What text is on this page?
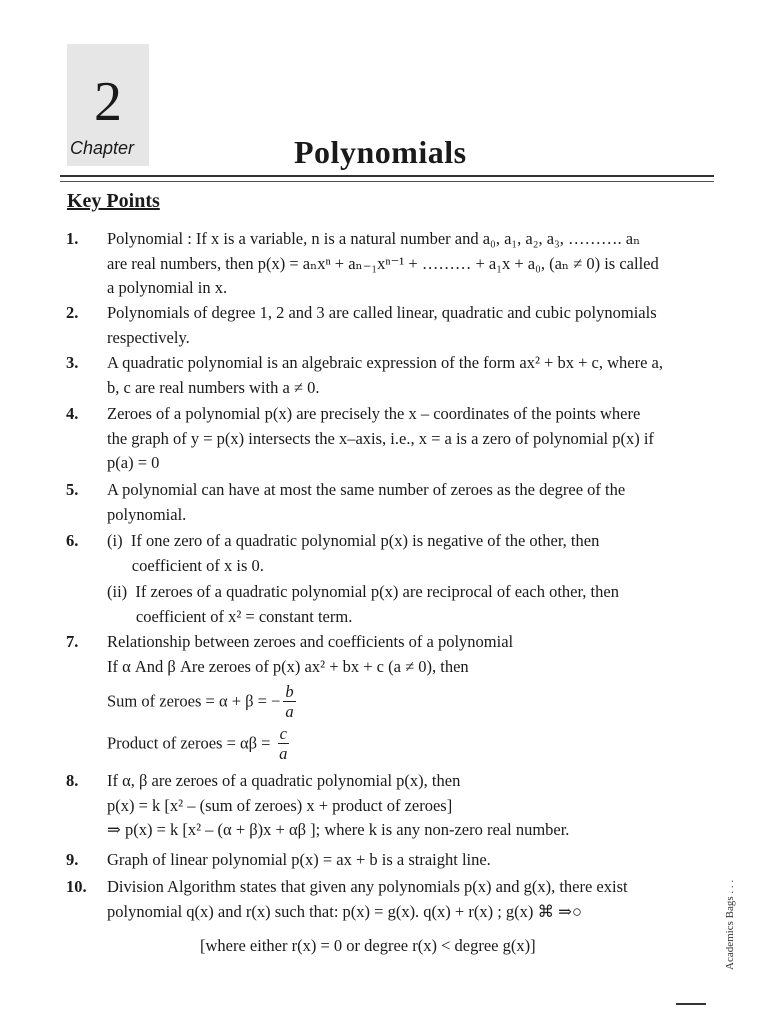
2
Chapter	Polynomials
Key Points
1.	Polynomial : If x is a variable, n is a natural number and a₀, a₁, a₂, a₃, ………. aₙ
are real numbers, then p(x) = aₙxⁿ + aₙ₋₁xⁿ⁻¹ + ……… + a₁x + a₀, (aₙ ≠ 0) is called
a polynomial in x.
2.	Polynomials of degree 1, 2 and 3 are called linear, quadratic and cubic polynomials
respectively.
3.	A quadratic polynomial is an algebraic expression of the form ax² + bx + c, where a,
b, c are real numbers with a ≠ 0.
4.	Zeroes of a polynomial p(x) are precisely the x – coordinates of the points where
the graph of y = p(x) intersects the x–axis, i.e., x = a is a zero of polynomial p(x) if
p(a) = 0
5.	A polynomial can have at most the same number of zeroes as the degree of the
polynomial.
6.	(i)  If one zero of a quadratic polynomial p(x) is negative of the other, then
coefficient of x is 0.
(ii)  If zeroes of a quadratic polynomial p(x) are reciprocal of each other, then
coefficient of x² = constant term.
7.	Relationship between zeroes and coefficients of a polynomial
If α And β Are zeroes of p(x) ax² + bx + c (a ≠ 0), then
Sum of zeroes = α + β = − $\frac{b}{a}$
Product of zeroes = $\alpha\beta = \frac{c}{a}$
8.	If α, β are zeroes of a quadratic polynomial p(x), then
p(x) = k [x² – (sum of zeroes) x + product of zeroes]
⇒ p(x) = k [x² – (α + β)x + αβ ]; where k is any non-zero real number.
9.	Graph of linear polynomial p(x) = ax + b is a straight line.
10.	Division Algorithm states that given any polynomials p(x) and g(x), there exist
polynomial q(x) and r(x) such that: p(x) = g(x). q(x) + r(x) ; g(x) ⌘ ⇒○
[where either r(x) = 0 or degree r(x) < degree g(x)]	Academics Bags . . .
